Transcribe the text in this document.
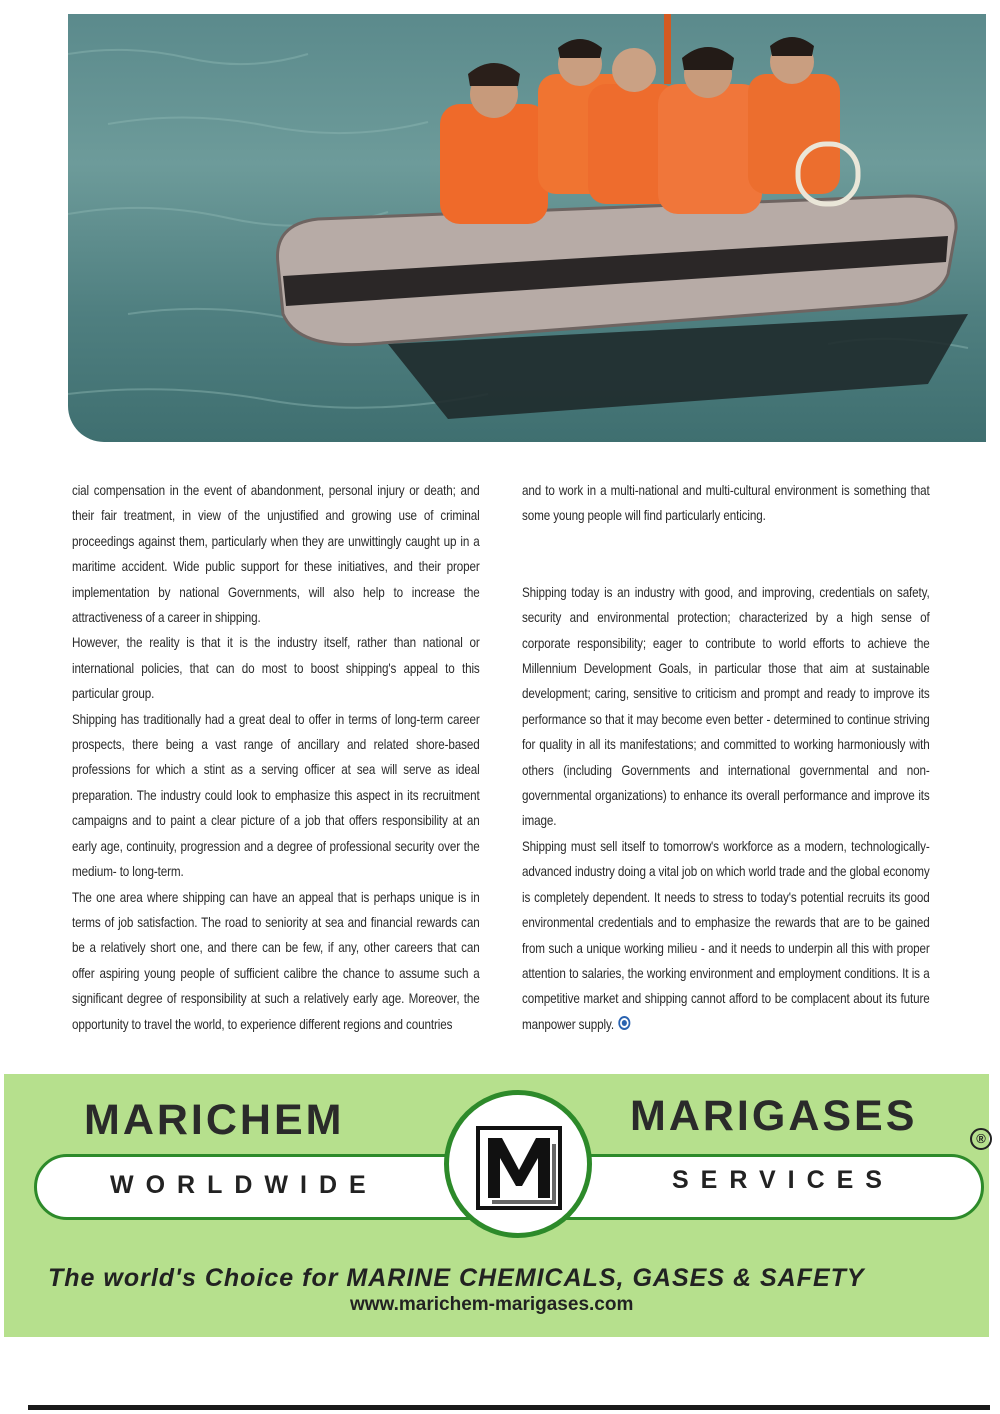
cial compensation in the event of abandonment, personal injury or death; and their fair treatment, in view of the unjustified and growing use of criminal proceedings against them, particularly when they are unwittingly caught up in a maritime accident. Wide public support for these initiatives, and their proper implementation by national Governments, will also help to increase the attractiveness of a career in shipping.

However, the reality is that it is the industry itself, rather than national or international policies, that can do most to boost shipping's appeal to this particular group.

Shipping has traditionally had a great deal to offer in terms of long-term career prospects, there being a vast range of ancillary and related shore-based professions for which a stint as a serving officer at sea will serve as ideal preparation. The industry could look to emphasize this aspect in its recruitment campaigns and to paint a clear picture of a job that offers responsibility at an early age, continuity, progression and a degree of professional security over the medium- to long-term.

The one area where shipping can have an appeal that is perhaps unique is in terms of job satisfaction. The road to seniority at sea and financial rewards can be a relatively short one, and there can be few, if any, other careers that can offer aspiring young people of sufficient calibre the chance to assume such a significant degree of responsibility at such a relatively early age. Moreover, the opportunity to travel the world, to experience different regions and countries

and to work in a multi-national and multi-cultural environment is something that some young people will find particularly enticing.

Shipping today is an industry with good, and improving, credentials on safety, security and environmental protection; characterized by a high sense of corporate responsibility; eager to contribute to world efforts to achieve the Millennium Development Goals, in particular those that aim at sustainable development; caring, sensitive to criticism and prompt and ready to improve its performance so that it may become even better - determined to continue striving for quality in all its manifestations; and committed to working harmoniously with others (including Governments and international governmental and non-governmental organizations) to enhance its overall performance and improve its image.

Shipping must sell itself to tomorrow's workforce as a modern, technologically-advanced industry doing a vital job on which world trade and the global economy is completely dependent. It needs to stress to today's potential recruits its good environmental credentials and to emphasize the rewards that are to be gained from such a unique working milieu - and it needs to underpin all this with proper attention to salaries, the working environment and employment conditions. It is a competitive market and shipping cannot afford to be complacent about its future manpower supply.

MARICHEM	MARIGASES	®
WORLDWIDE	SERVICES
The world's Choice for MARINE CHEMICALS, GASES & SAFETY
www.marichem-marigases.com
